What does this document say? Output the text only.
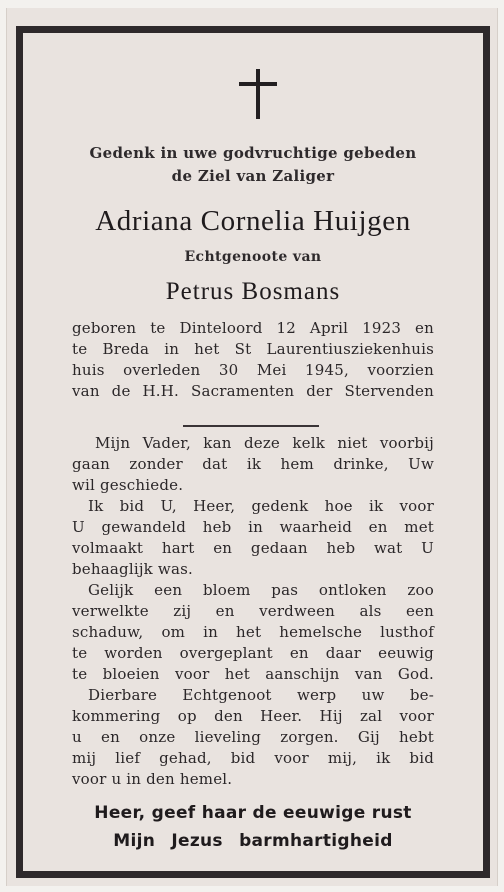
Gedenk in uwe godvruchtige gebeden
de Ziel van Zaliger
Adriana Cornelia Huijgen
Echtgenoote van
Petrus Bosmans
geboren te Dinteloord 12 April 1923 en
te Breda in het St Laurentiusziekenhuis
huis overleden 30 Mei 1945, voorzien
van de H.H. Sacramenten der Stervenden
Mijn Vader, kan deze kelk niet voorbij
gaan zonder dat ik hem drinke, Uw
wil geschiede.
Ik bid U, Heer, gedenk hoe ik voor
U gewandeld heb in waarheid en met
volmaakt hart en gedaan heb wat U
behaaglijk was.
Gelijk een bloem pas ontloken zoo
verwelkte zij en verdween als een
schaduw, om in het hemelsche lusthof
te worden overgeplant en daar eeuwig
te bloeien voor het aanschijn van God.
Dierbare Echtgenoot werp uw be-
kommering op den Heer. Hij zal voor
u en onze lieveling zorgen. Gij hebt
mij lief gehad, bid voor mij, ik bid
voor u in den hemel.
Heer, geef haar de eeuwige rust
Mijn Jezus barmhartigheid
